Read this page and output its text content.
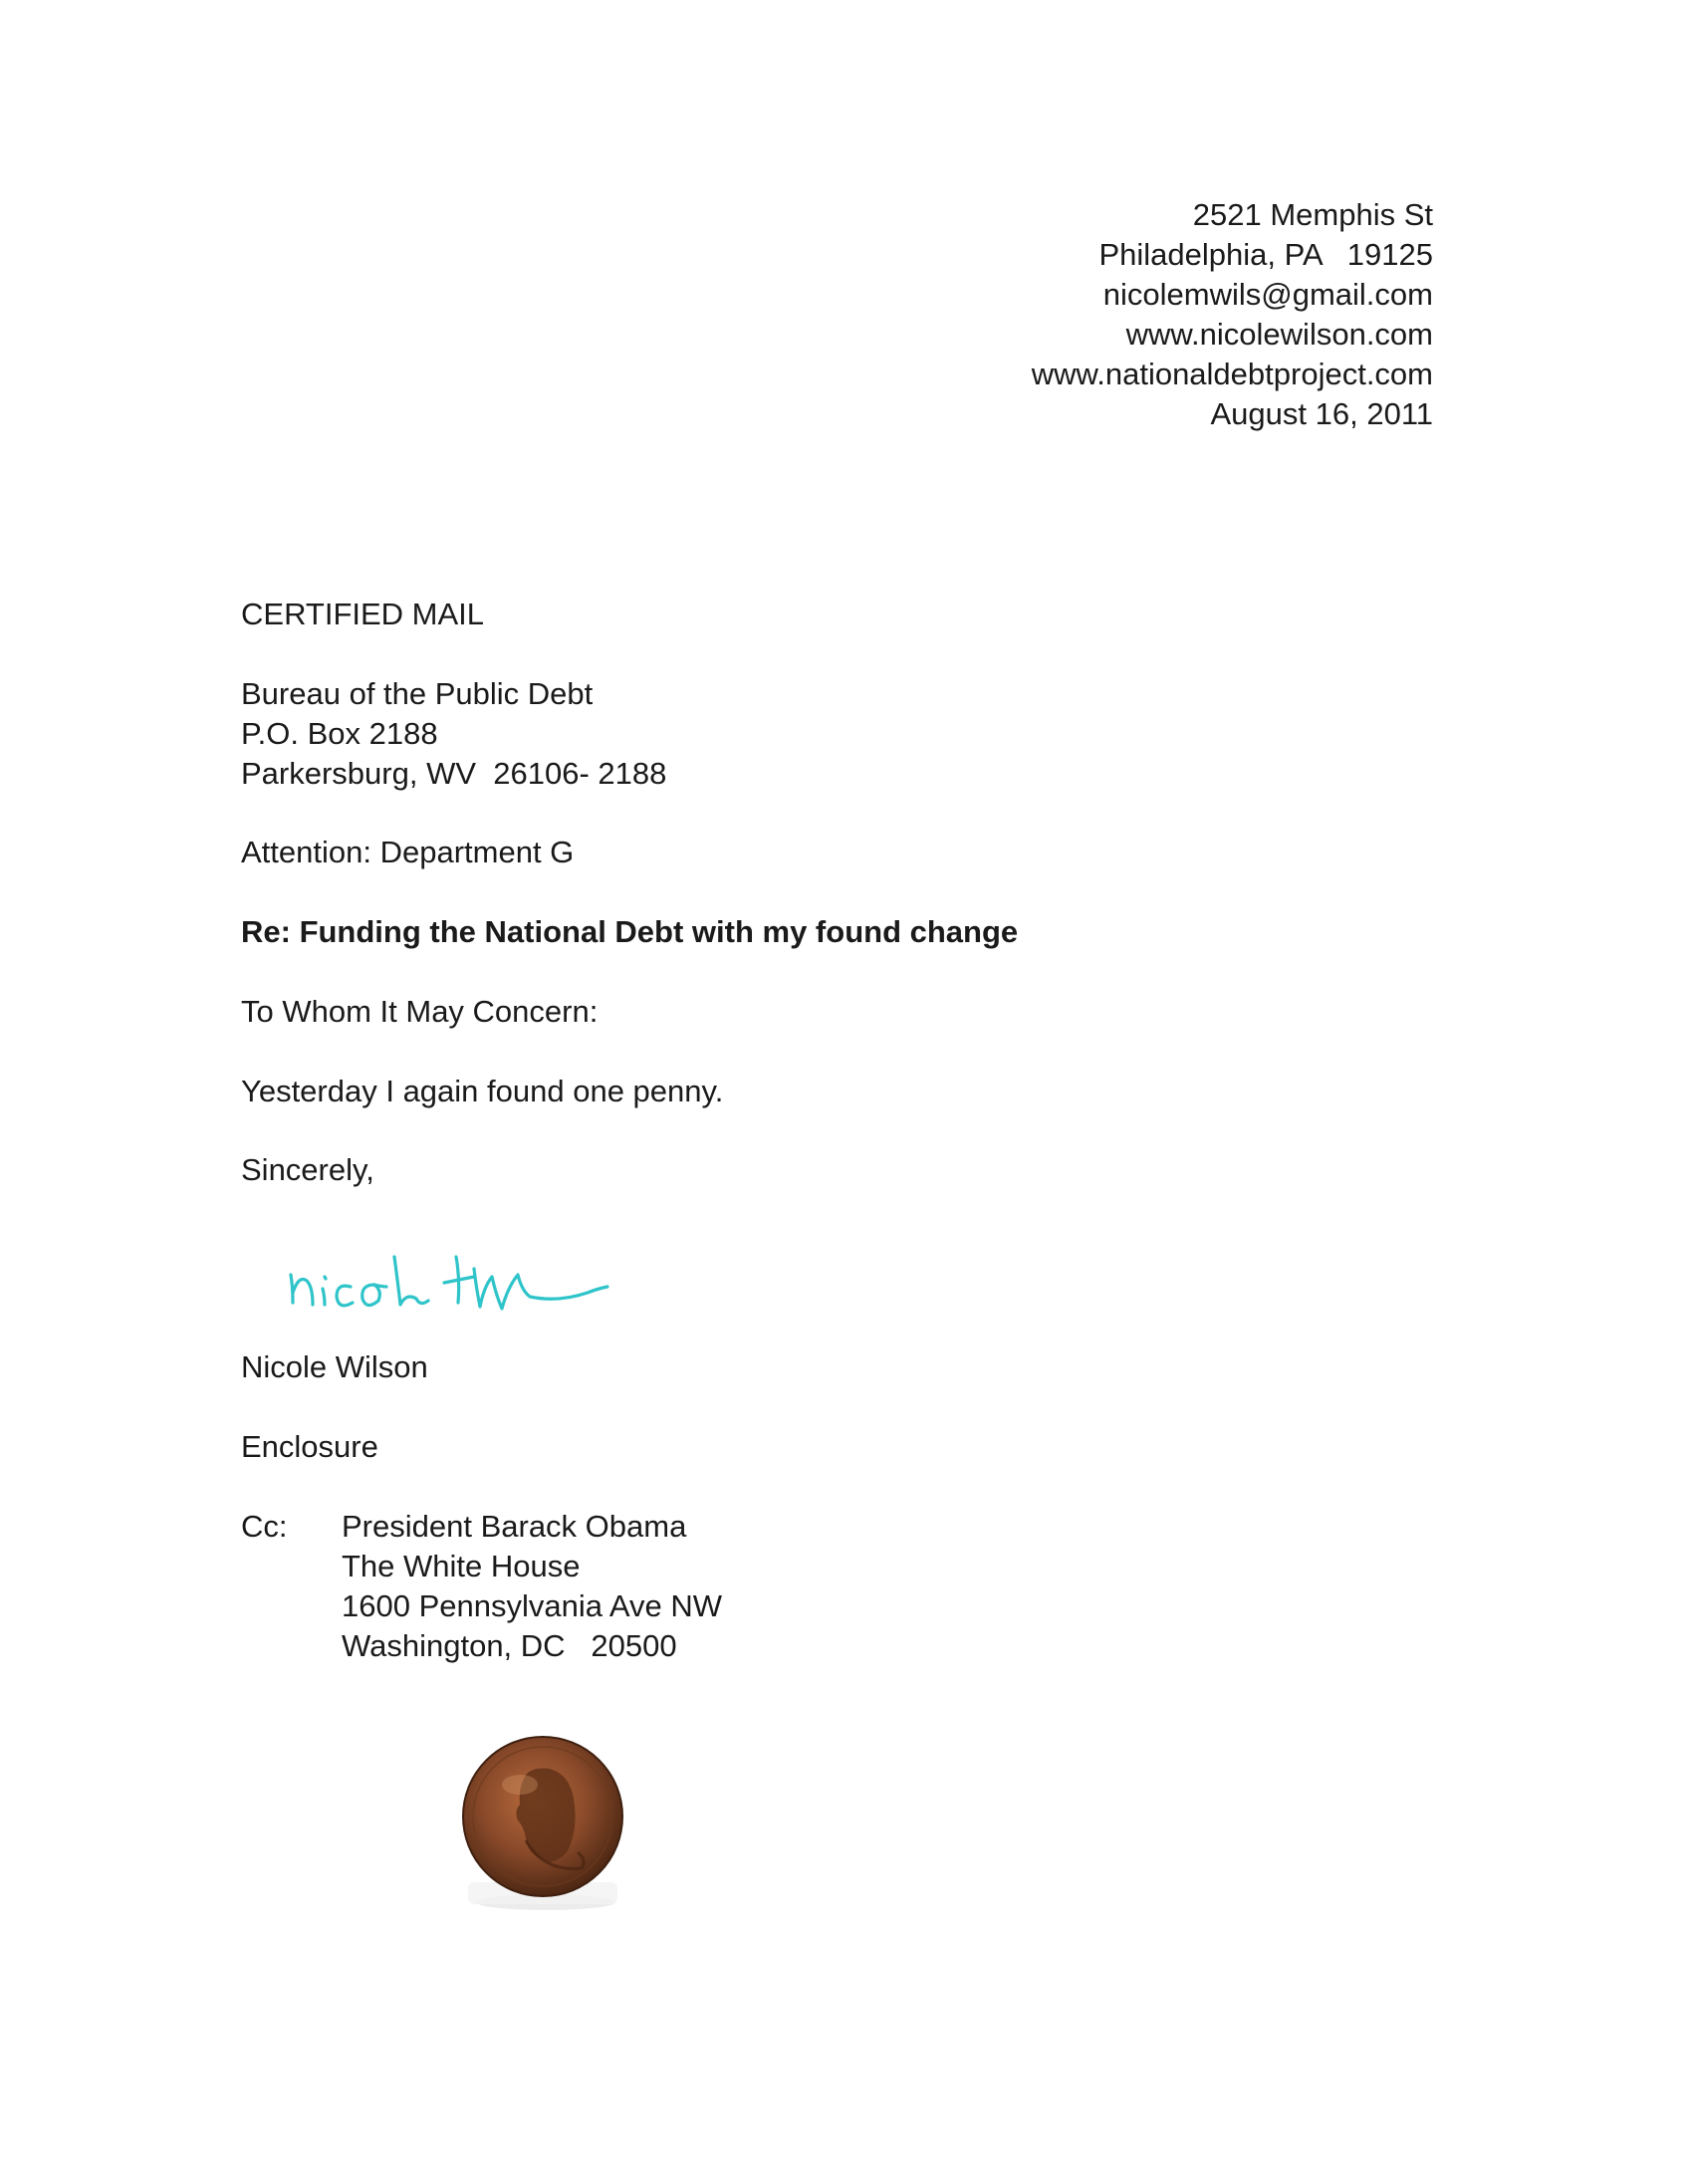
2521 Memphis St
Philadelphia, PA   19125
nicolemwils@gmail.com
www.nicolewilson.com
www.nationaldebtproject.com
August 16, 2011
CERTIFIED MAIL
Bureau of the Public Debt
P.O. Box 2188
Parkersburg, WV  26106- 2188
Attention: Department G
Re: Funding the National Debt with my found change
To Whom It May Concern:
Yesterday I again found one penny.
Sincerely,
Nicole Wilson
Enclosure
Cc: President Barack Obama
The White House
1600 Pennsylvania Ave NW
Washington, DC   20500
